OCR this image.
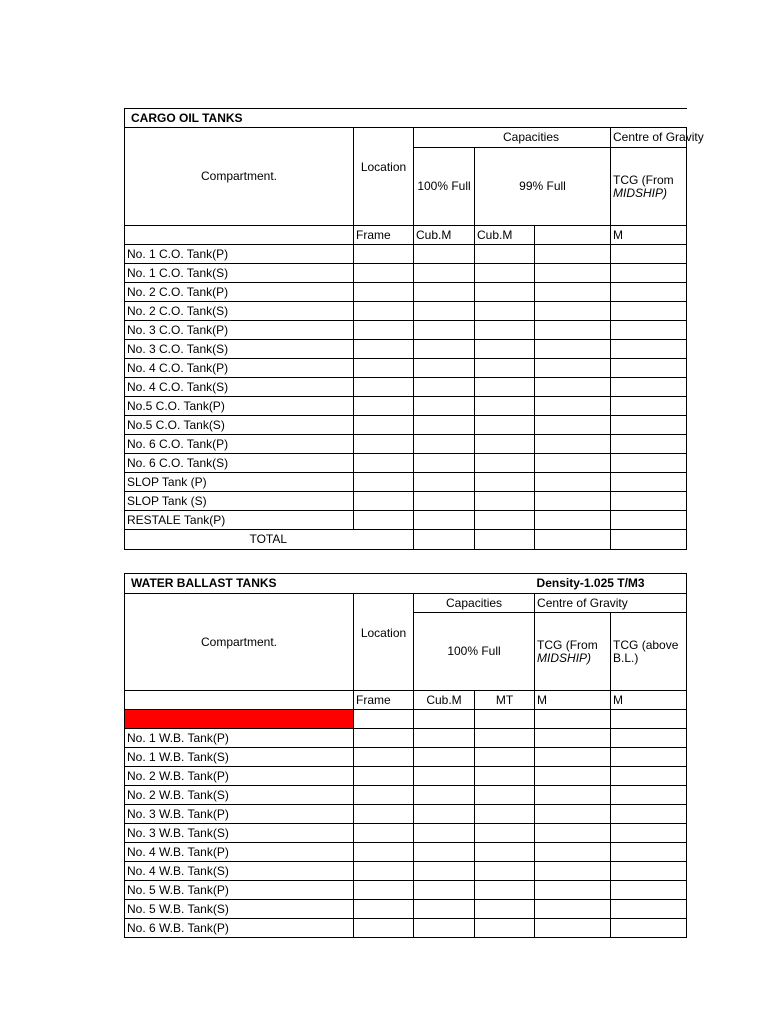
CARGO OIL TANKS					
Compartment.	Location	Capacities			Centre of Gravity
		100% Full	99% Full		TCG (From
MIDSHIP)
	Frame	Cub.M	Cub.M		M
No. 1 C.O. Tank(P)					
No. 1 C.O. Tank(S)					
No. 2 C.O. Tank(P)					
No. 2 C.O. Tank(S)					
No. 3 C.O. Tank(P)					
No. 3 C.O. Tank(S)					
No. 4 C.O. Tank(P)					
No. 4 C.O. Tank(S)					
No.5 C.O. Tank(P)					
No.5 C.O. Tank(S)					
No. 6 C.O. Tank(P)					
No. 6 C.O. Tank(S)					
SLOP Tank (P)					
SLOP Tank (S)					
RESTALE Tank(P)					
TOTAL					
WATER BALLAST TANKS				Density-1.025 T/M3	
Compartment.	Location	Capacities		Centre of Gravity	
		100% Full		TCG (From
MIDSHIP)	TCG (above B.L.)
	Frame	Cub.M	MT	M	M

No. 1 W.B. Tank(P)					
No. 1 W.B. Tank(S)					
No. 2 W.B. Tank(P)					
No. 2 W.B. Tank(S)					
No. 3 W.B. Tank(P)					
No. 3 W.B. Tank(S)					
No. 4 W.B. Tank(P)					
No. 4 W.B. Tank(S)					
No. 5 W.B. Tank(P)					
No. 5 W.B. Tank(S)					
No. 6 W.B. Tank(P)					
